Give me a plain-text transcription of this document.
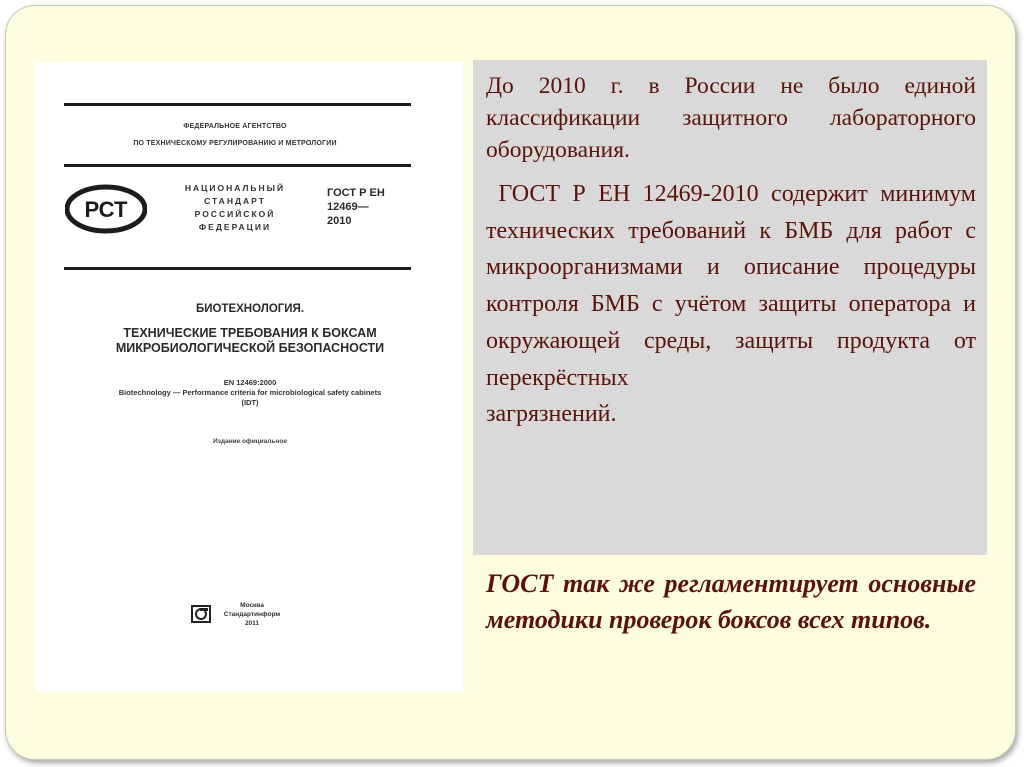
ФЕДЕРАЛЬНОЕ АГЕНТСТВО
ПО ТЕХНИЧЕСКОМУ РЕГУЛИРОВАНИЮ И МЕТРОЛОГИИ
РСТ
НАЦИОНАЛЬНЫЙ
СТАНДАРТ
РОССИЙСКОЙ
ФЕДЕРАЦИИ
ГОСТ Р ЕН
12469—
2010
БИОТЕХНОЛОГИЯ.
ТЕХНИЧЕСКИЕ ТРЕБОВАНИЯ К БОКСАМ
МИКРОБИОЛОГИЧЕСКОЙ БЕЗОПАСНОСТИ
EN 12469:2000
Biotechnology — Performance criteria for microbiological safety cabinets
(IDT)
Издание официальное
Москва
Стандартинформ
2011

До 2010 г. в России не было единой классификации защитного лабораторного оборудования.

ГОСТ Р ЕН 12469-2010 содержит минимум технических требований к БМБ для работ с микроорганизмами и описание процедуры контроля БМБ с учётом защиты оператора и окружающей среды, защиты продукта от перекрёстных
загрязнений.

ГОСТ так же регламентирует основные методики проверок боксов всех типов.
